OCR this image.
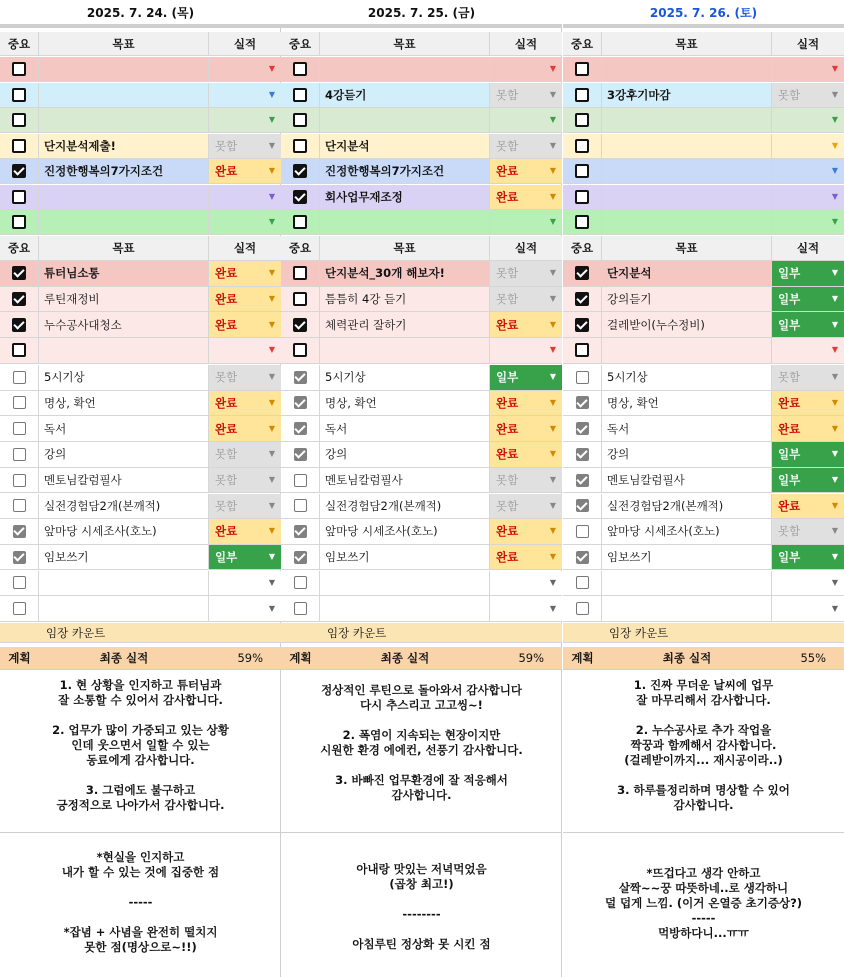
2025. 7. 24. (목)
중요	목표	실적
▼
▼
▼
단지분석제출!	못함	▼
진정한행복의7가지조건	완료	▼
▼
▼
중요	목표	실적
튜터님소통	완료	▼
루틴재정비	완료	▼
누수공사대청소	완료	▼
▼
5시기상	못함	▼
명상, 확언	완료	▼
독서	완료	▼
강의	못함	▼
멘토님칼럼필사	못함	▼
실전경험담2개(본깨적)	못함	▼
앞마당 시세조사(호노)	완료	▼
임보쓰기	일부	▼
▼
▼
임장 카운트
계획	최종 실적	59%
1. 현 상황을 인지하고 튜터님과
잘 소통할 수 있어서 감사합니다.

2. 업무가 많이 가중되고 있는 상황
인데 웃으면서 일할 수 있는
동료에게 감사합니다.

3. 그럼에도 불구하고
긍정적으로 나아가서 감사합니다.
*현실을 인지하고
내가 할 수 있는 것에 집중한 점

-----

*잡념 + 사념을 완전히 떨치지
못한 점(명상으로~!!)
2025. 7. 25. (금)
중요	목표	실적
▼
4강듣기	못함	▼
▼
단지분석	못함	▼
진정한행복의7가지조건	완료	▼
회사업무재조정	완료	▼
▼
중요	목표	실적
단지분석_30개 해보자!	못함	▼
틈틈히 4강 듣기	못함	▼
체력관리 잘하기	완료	▼
▼
5시기상	일부	▼
명상, 확언	완료	▼
독서	완료	▼
강의	완료	▼
멘토님칼럼필사	못함	▼
실전경험담2개(본깨적)	못함	▼
앞마당 시세조사(호노)	완료	▼
임보쓰기	완료	▼
▼
▼
임장 카운트
계획	최종 실적	59%
정상적인 루틴으로 돌아와서 감사합니다
다시 추스리고 고고씽~!

2. 폭염이 지속되는 현장이지만
시원한 환경 에에컨, 선풍기 감사합니다.

3. 바빠진 업무환경에 잘 적응해서
감사합니다.
아내랑 맛있는 저녁먹었음
(곱창 최고!)

--------

아침루틴 정상화 못 시킨 점
2025. 7. 26. (토)
중요	목표	실적
▼
3강후기마감	못함	▼
▼
▼
▼
▼
▼
중요	목표	실적
단지분석	일부	▼
강의듣기	일부	▼
걸레받이(누수정비)	일부	▼
▼
5시기상	못함	▼
명상, 확언	완료	▼
독서	완료	▼
강의	일부	▼
멘토님칼럼필사	일부	▼
실전경험담2개(본깨적)	완료	▼
앞마당 시세조사(호노)	못함	▼
임보쓰기	일부	▼
▼
▼
임장 카운트
계획	최종 실적	55%
1. 진짜 무더운 날씨에 업무
잘 마무리해서 감사합니다.

2. 누수공사로 추가 작업을
짝꿍과 함께해서 감사합니다.
(걸레받이까지... 재시공이라..)

3. 하루를정리하며 명상할 수 있어
감사합니다.
*뜨겁다고 생각 안하고
살짝~~꿍 따뜻하네..로 생각하니
덜 덥게 느낌. (이거 온열증 초기증상?)
-----
먹방하다니...ㅠㅠ
